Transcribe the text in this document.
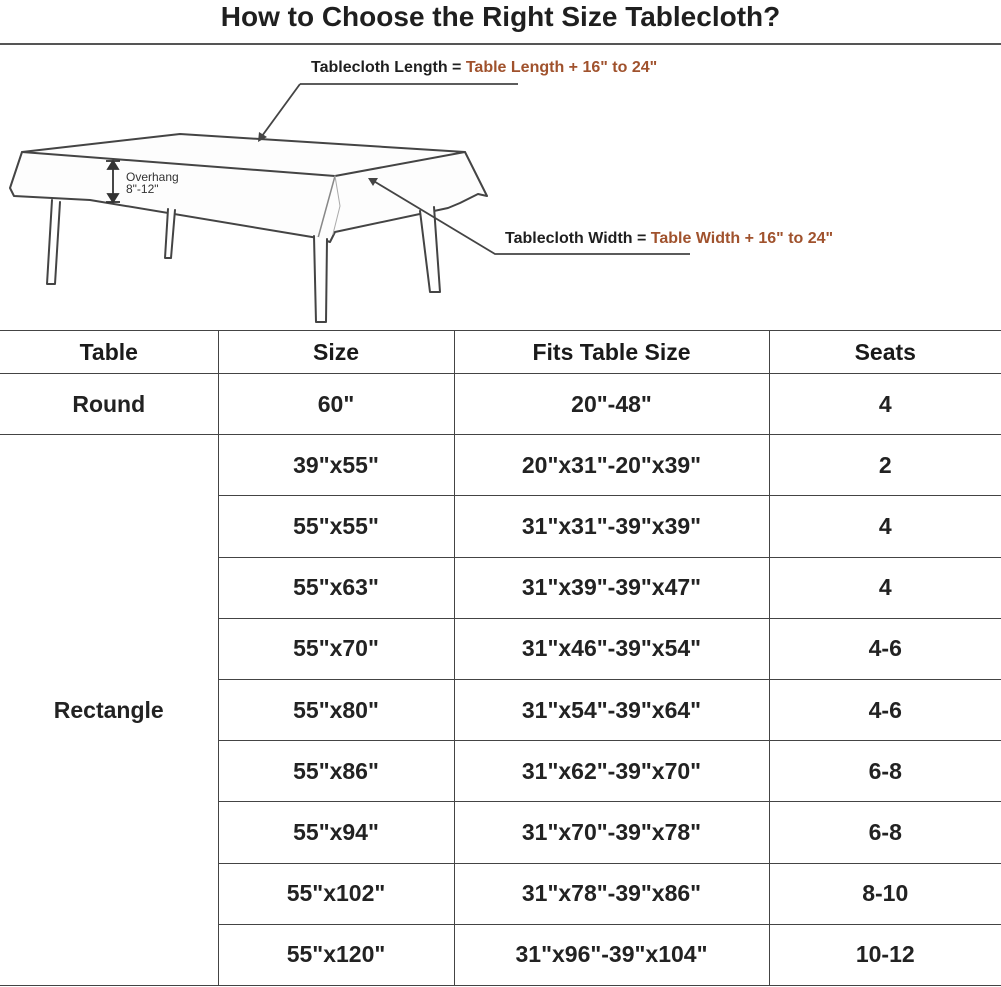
How to Choose the Right Size Tablecloth?
Tablecloth Length = Table Length + 16" to 24"
Overhang
8"-12"
Tablecloth Width = Table Width + 16" to 24"
Table	Size	Fits Table Size	Seats
Round	60"	20"-48"	4
Rectangle	39"x55"	20"x31"-20"x39"	2
	55"x55"	31"x31"-39"x39"	4
	55"x63"	31"x39"-39"x47"	4
	55"x70"	31"x46"-39"x54"	4-6
	55"x80"	31"x54"-39"x64"	4-6
	55"x86"	31"x62"-39"x70"	6-8
	55"x94"	31"x70"-39"x78"	6-8
	55"x102"	31"x78"-39"x86"	8-10
	55"x120"	31"x96"-39"x104"	10-12
